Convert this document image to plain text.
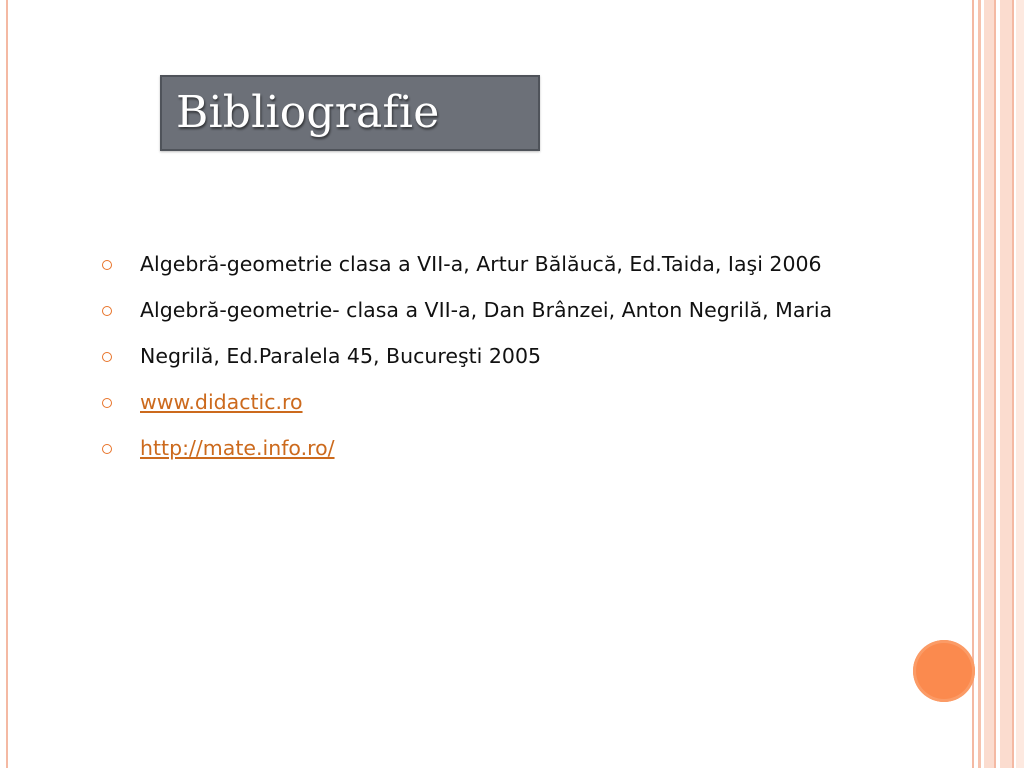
Bibliografie
Algebră-geometrie clasa a VII-a, Artur Bălăucă, Ed.Taida, Iaşi 2006
Algebră-geometrie- clasa a VII-a, Dan Brânzei, Anton Negrilă, Maria
Negrilă, Ed.Paralela 45, Bucureşti 2005
www.didactic.ro
http://mate.info.ro/
